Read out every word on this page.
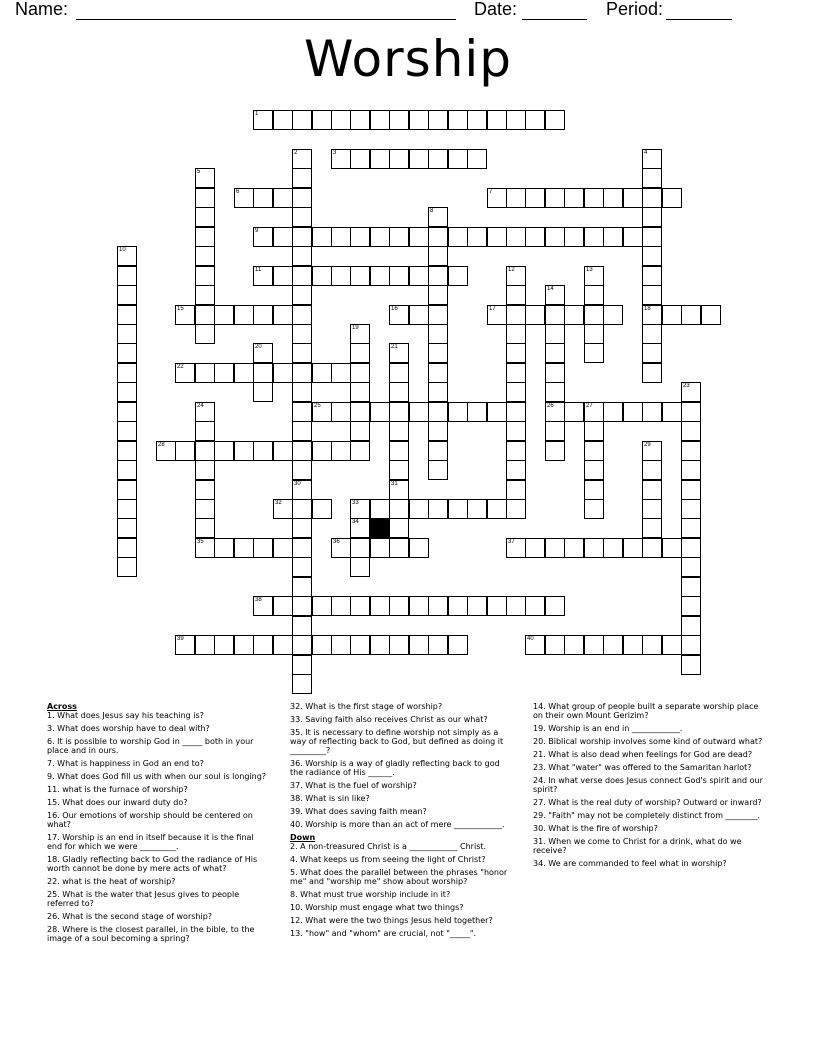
Name:	Date:	Period:
Worship
1
3
6	7
9
11
15	16	17	18
22
25	26	27
28
32	33
35	36	37
38
39	40
2
30
4
5
8
10
12	13
14
19
20	21
23
24
29
31
34
Across
1. What does Jesus say his teaching is?
3. What does worship have to deal with?
6. It is possible to worship God in _____ both in your place and in ours.
7. What is happiness in God an end to?
9. What does God fill us with when our soul is longing?
11. what is the furnace of worship?
15. What does our inward duty do?
16. Our emotions of worship should be centered on what?
17. Worship is an end in itself because it is the final end for which we were _________.
18. Gladly reflecting back to God the radiance of His worth cannot be done by mere acts of what?
22. what is the heat of worship?
25. What is the water that Jesus gives to people referred to?
26. What is the second stage of worship?
28. Where is the closest parallel, in the bible, to the image of a soul becoming a spring?
32. What is the first stage of worship?
33. Saving faith also receives Christ as our what?
35. It is necessary to define worship not simply as a way of reflecting back to God, but defined as doing it _________?
36. Worship is a way of gladly reflecting back to god the radiance of His ______.
37. What is the fuel of worship?
38. What is sin like?
39. What does saving faith mean?
40. Worship is more than an act of mere ____________.
Down
2. A non-treasured Christ is a ____________ Christ.
4. What keeps us from seeing the light of Christ?
5. What does the parallel between the phrases "honor me" and "worship me" show about worship?
8. What must true worship include in it?
10. Worship must engage what two things?
12. What were the two things Jesus held together?
13. "how" and "whom" are crucial, not "_____".
14. What group of people built a separate worship place on their own Mount Gerizim?
19. Worship is an end in ____________.
20. Biblical worship involves some kind of outward what?
21. What is also dead when feelings for God are dead?
23. What "water" was offered to the Samaritan harlot?
24. In what verse does Jesus connect God's spirit and our spirit?
27. What is the real duty of worship? Outward or inward?
29. "Faith" may not be completely distinct from ________.
30. What is the fire of worship?
31. When we come to Christ for a drink, what do we receive?
34. We are commanded to feel what in worship?
